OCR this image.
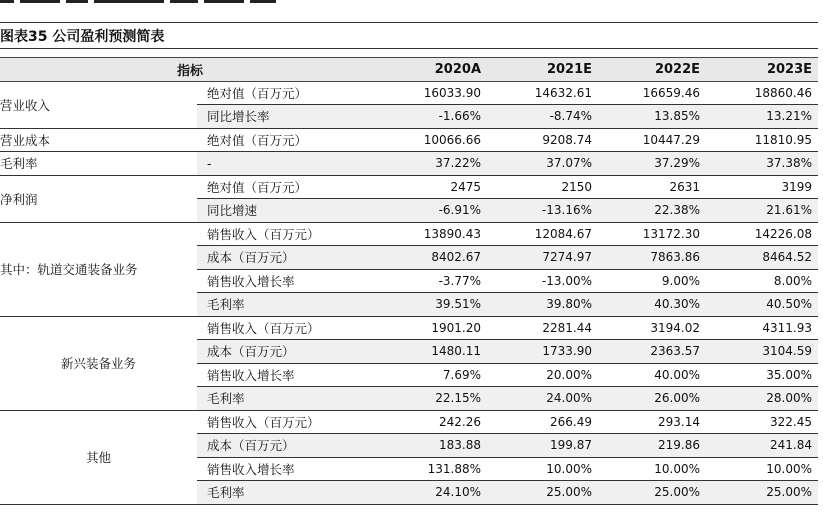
图表35 公司盈利预测简表
指标		2020A	2021E	2022E	2023E
营业收入	绝对值（百万元）	16033.90	14632.61	16659.46	18860.46
	同比增长率	-1.66%	-8.74%	13.85%	13.21%
营业成本	绝对值（百万元）	10066.66	9208.74	10447.29	11810.95
毛利率	-	37.22%	37.07%	37.29%	37.38%
净利润	绝对值（百万元）	2475	2150	2631	3199
	同比增速	-6.91%	-13.16%	22.38%	21.61%
其中：轨道交通装备业务	销售收入（百万元）	13890.43	12084.67	13172.30	14226.08
	成本（百万元）	8402.67	7274.97	7863.86	8464.52
	销售收入增长率	-3.77%	-13.00%	9.00%	8.00%
	毛利率	39.51%	39.80%	40.30%	40.50%
新兴装备业务	销售收入（百万元）	1901.20	2281.44	3194.02	4311.93
	成本（百万元）	1480.11	1733.90	2363.57	3104.59
	销售收入增长率	7.69%	20.00%	40.00%	35.00%
	毛利率	22.15%	24.00%	26.00%	28.00%
其他	销售收入（百万元）	242.26	266.49	293.14	322.45
	成本（百万元）	183.88	199.87	219.86	241.84
	销售收入增长率	131.88%	10.00%	10.00%	10.00%
	毛利率	24.10%	25.00%	25.00%	25.00%
